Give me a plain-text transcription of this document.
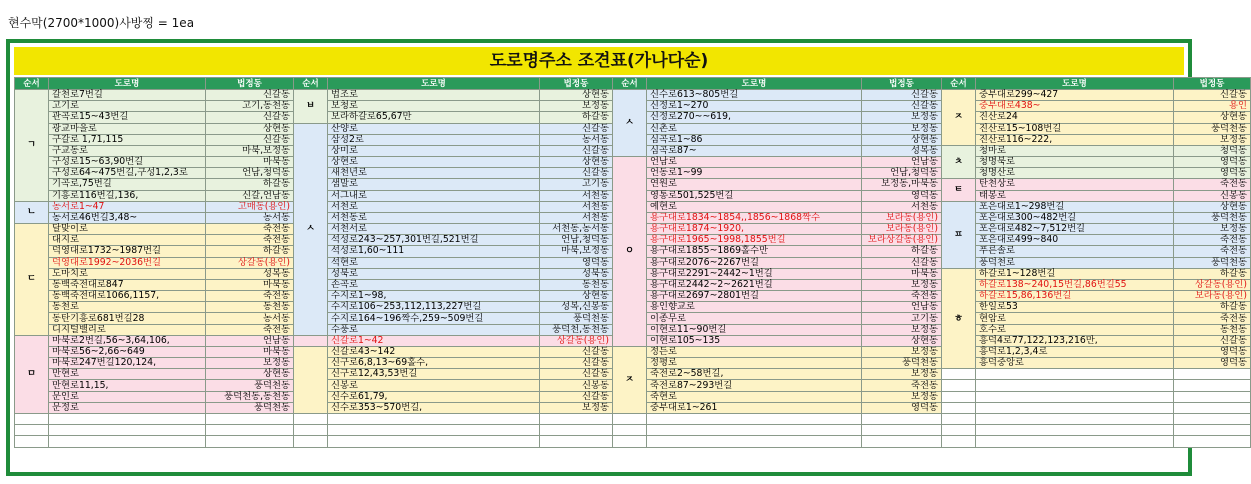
현수막(2700*1000)사방찡 = 1ea
도로명주소 조견표(가나다순)
순서	도로명	법정동	순서	도로명	법정동	순서	도로명	법정동	순서	도로명	법정동
ㄱ	갈천로7번길	신갈동	ㅂ	법조로	상현동	ㅅ	신수로613~805번길	신갈동	ㅈ	중부대로299~427	신갈동
	고기로	고기,동천동		보청로	보정동		신정로1~270	신갈동		중부대로438~	용인
	관곡로15~43번길	신갈동		보라하갈로65,67만	하갈동		신정로270~~619,	보정동		진산로24	상현동
	광교마을로	상현동	ㅅ	산양로	신갈동		신촌로	보정동		진산로15~108번길	풍덕천동
	구갈로 1,71,115	신갈동		삼성2로	농서동		심곡로1~86	상현동		진산로116~222,	보정동
	구교동로	마북,보정동		상미로	신갈동		심곡로87~	성복동	ㅊ	청마로	청덕동
	구성로15~63,90번길	마북동		상현로	상현동	ㅇ	언남로	언남동		청명북로	영덕동
	구성로64~475번길,구성1,2,3로	언남,청덕동		새천년로	신갈동		언동로1~99	언남,청덕동		청명산로	영덕동
	기곡로,75번길	하갈동		샘말로	고기동		연원로	보정동,마북동	ㅌ	탄천상로	죽전동
	기흥로116번길,136,	신갈,언남동		서그내로	서천동		영통로501,525번길	영덕동		태봉로	신봉동
ㄴ	농서로1~47	고매동(용인)		서천로	서천동		예현로	서천동	ㅍ	포은대로1~298번길	상현동
	농서로46번길3,48~	농서동		서천동로	서천동		용구대로1834~1854,,1856~1868짝수	보라동(용인)		포은대로300~482번길	풍덕천동
ㄷ	달맞이로	죽전동		서천서로	서천동,농서동		용구대로1874~1920,	보라동(용인)		포은대로482~7,512번길	보정동
	대지로	죽전동		석성로243~257,301번길,521번길	언남,청덕동		용구대로1965~1998,1855번길	보라상갈동(용인)		포은대로499~840	죽전동
	덕영대로1732~1987번길	하갈동		석성로1,60~111	마북,보정동		용구대로1855~1869홀수만	하갈동		푸른솔로	죽전동
	덕영대로1992~2036번길	상갈동(용인)		석현로	영덕동		용구대로2076~2267번길	신갈동		풍덕천로	풍덕천동
	도마치로	성복동		성북로	성북동		용구대로2291~2442~1번길	마북동	ㅎ	하갈로1~128번길	하갈동
	동백죽전대로847	마북동		손곡로	동천동		용구대로2442~2~2621번길	보정동		하갈로138~240,15번길,86번길55	상갈동(용인)
	동백죽전대로1066,1157,	죽전동		수지로1~98,	상현동		용구대로2697~2801번길	죽전동		하갈로15,86,136번길	보라동(용인)
	동천로	동천동		수지로106~253,112,113,227번길	성복,신봉동		용인향교로	언남동		한일로53	하갈동
	동탄기흥로681번길28	농서동		수지로164~196짝수,259~509번길	풍덕천동		이종무로	고기동		현암로	죽전동
	디지털밸리로	죽전동		수풍로	풍덕천,동천동		이현로11~90번길	보정동		호수로	동천동
ㅁ	마북로2번길,56~3,64,106,	언남동		신갈로1~42	상갈동(용인)		이현로105~135	상현동		흥덕4로77,122,123,216만,	신갈동
	마북로56~2,66~649	마북동		신갈로43~142	신갈동	ㅈ	정든로	보정동		흥덕로1,2,3,4로	영덕동
	마북로247번길120,124,	보정동		신구로6,8,13~69홀수,	신갈동		정평로	풍덕천동		흥덕중앙로	영덕동
	만현로	상현동		신구로12,43,53번길	신갈동		죽전로2~58번길,	보정동			
	만현로11,15,	풍덕천동		신봉로	신봉동		죽전로87~293번길	죽전동			
	문인로	풍덕천동,동천동		신수로61,79,	신갈동		죽현로	보정동			
	문정로	풍덕천동		신수로353~570번길,	보정동		중부대로1~261	영덕동			
